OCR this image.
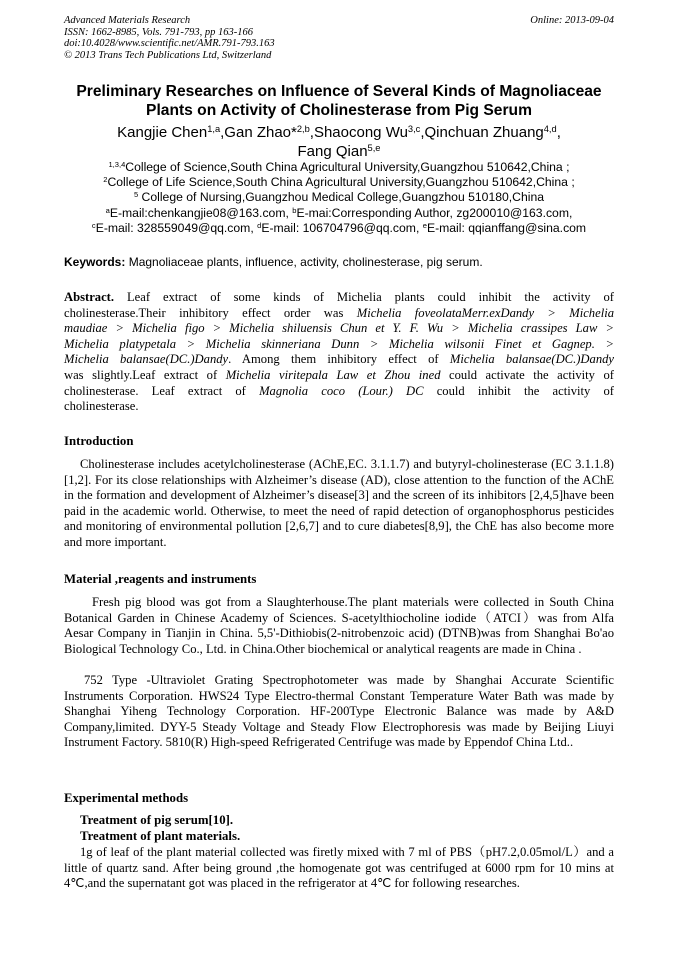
Advanced Materials Research
ISSN: 1662-8985, Vols. 791-793, pp 163-166
doi:10.4028/www.scientific.net/AMR.791-793.163
© 2013 Trans Tech Publications Ltd, Switzerland
Online: 2013-09-04
Preliminary Researches on Influence of Several Kinds of Magnoliaceae
Plants on Activity of Cholinesterase from Pig Serum
Kangjie Chen$^{1,a}$,Gan Zhao*$^{2,b}$,Shaocong Wu$^{3,c}$,Qinchuan Zhuang$^{4,d}$,
Fang Qian$^{5,e}$
$^{1,3,4}$College of Science,South China Agricultural University,Guangzhou 510642,China ;
$^2$College of Life Science,South China Agricultural University,Guangzhou 510642,China ;
$^5$ College of Nursing,Guangzhou Medical College,Guangzhou 510180,China
$^a$E-mail:chenkangjie08@163.com, $^b$E-mai:Corresponding Author, zg200010@163.com,
$^c$E-mail: 328559049@qq.com, $^d$E-mail: 106704796@qq.com, $^e$E-mail: qqianffang@sina.com
Keywords: Magnoliaceae plants, influence, activity, cholinesterase, pig serum.
Abstract. Leaf extract of some kinds of Michelia plants could inhibit the activity of
cholinesterase.Their inhibitory effect order was Michelia foveolataMerr.exDandy > Michelia
maudiae > Michelia figo > Michelia shiluensis Chun et Y. F. Wu > Michelia crassipes Law >
Michelia platypetala > Michelia skinneriana Dunn > Michelia wilsonii Finet et Gagnep. >
Michelia balansae(DC.)Dandy. Among them inhibitory effect of Michelia balansae(DC.)Dandy
was slightly.Leaf extract of Michelia viritepala Law et Zhou ined could activate the activity of
cholinesterase. Leaf extract of Magnolia coco (Lour.) DC could inhibit the activity of
cholinesterase.
Introduction
Cholinesterase includes acetylcholinesterase (AChE,EC. 3.1.1.7) and butyryl-cholinesterase (EC 3.1.1.8)[1,2]. For its close relationships with Alzheimer’s disease (AD), close attention to the function of the AChE in the formation and development of Alzheimer’s disease[3] and the screen of its inhibitors [2,4,5]have been paid in the academic world. Otherwise, to meet the need of rapid detection of organophosphorus pesticides and monitoring of environmental pollution [2,6,7] and to cure diabetes[8,9], the ChE has also become more and more important.
Material ,reagents and instruments
Fresh pig blood was got from a Slaughterhouse.The plant materials were collected in South China Botanical Garden in Chinese Academy of Sciences. S-acetylthiocholine iodide（ATCI）was from Alfa Aesar Company in Tianjin in China. 5,5'-Dithiobis(2-nitrobenzoic acid) (DTNB)was from Shanghai Bo'ao Biological Technology Co., Ltd. in China.Other biochemical or analytical reagents are made in China .
752 Type -Ultraviolet Grating Spectrophotometer was made by Shanghai Accurate Scientific Instruments Corporation. HWS24 Type Electro-thermal Constant Temperature Water Bath was made by Shanghai Yiheng Technology Corporation. HF-200Type Electronic Balance was made by A&D Company,limited. DYY-5 Steady Voltage and Steady Flow Electrophoresis was made by Beijing Liuyi Instrument Factory. 5810(R) High-speed Refrigerated Centrifuge was made by Eppendof China Ltd..
Experimental methods
Treatment of pig serum[10].
Treatment of plant materials.
1g of leaf of the plant material collected was firetly mixed with 7 ml of PBS（pH7.2,0.05mol/L）and a little of quartz sand. After being ground ,the homogenate got was centrifuged at 6000 rpm for 10 mins at 4℃,and the supernatant got was placed in the refrigerator at 4℃ for following researches.
